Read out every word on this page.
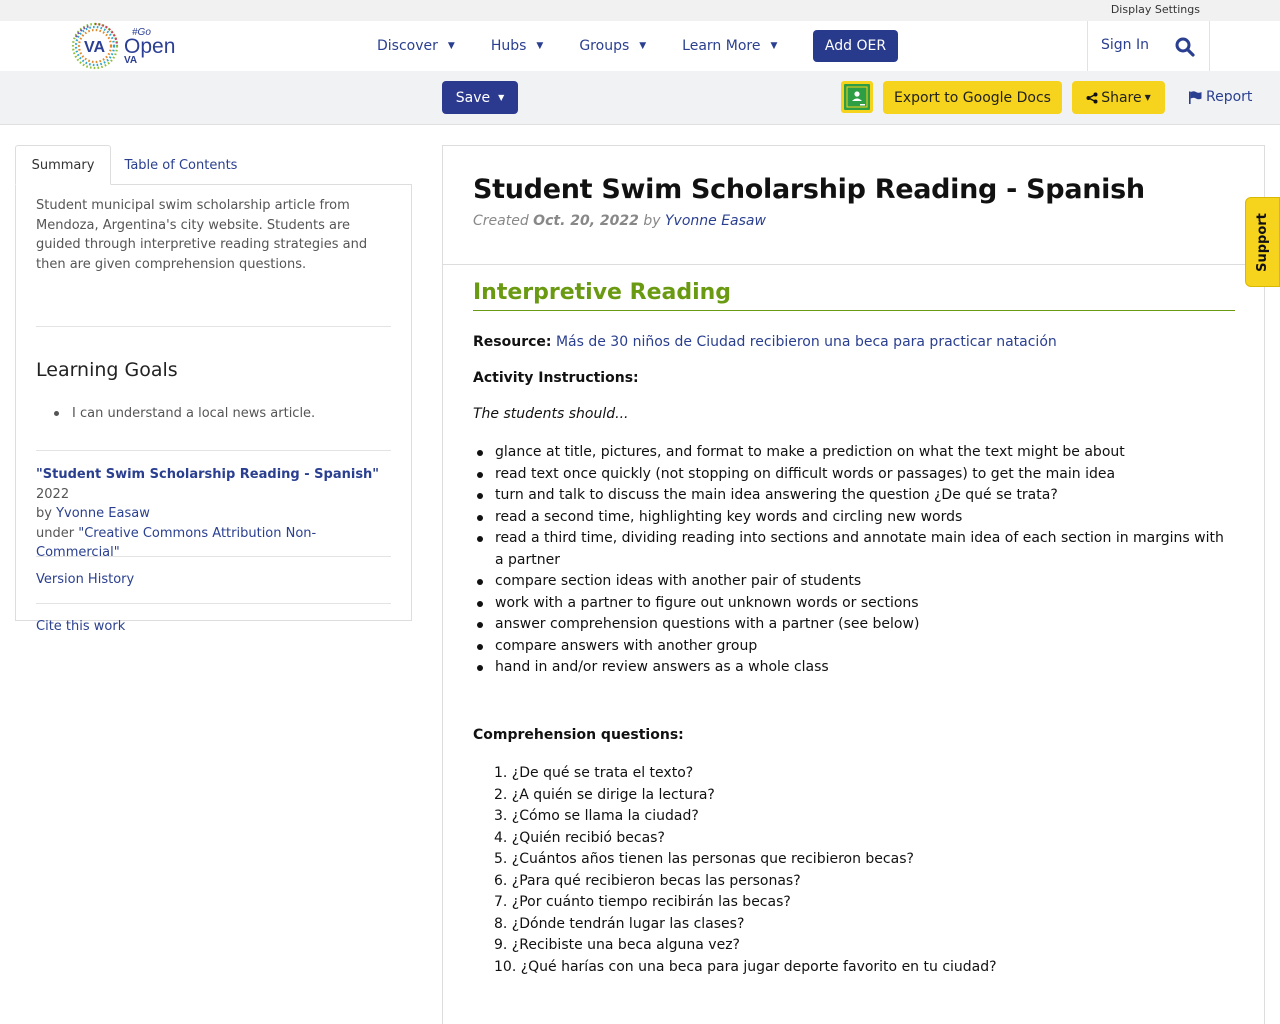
Display Settings
VA
#Go
Open
VA
Discover ▼	Hubs ▼	Groups ▼	Learn More ▼	Add OER	Sign In
Save ▼	Export to Google Docs	Share ▼	Report
Summary	Table of Contents

Student municipal swim scholarship article from Mendoza, Argentina's city website. Students are guided through interpretive reading strategies and then are given comprehension questions.

Learning Goals
I can understand a local news article.
"Student Swim Scholarship Reading - Spanish" 2022
by Yvonne Easaw
under "Creative Commons Attribution Non-Commercial"
Version History
Cite this work
Student Swim Scholarship Reading - Spanish
Created Oct. 20, 2022 by Yvonne Easaw
Interpretive Reading
Resource: Más de 30 niños de Ciudad recibieron una beca para practicar natación
Activity Instructions:
The students should...
glance at title, pictures, and format to make a prediction on what the text might be about
read text once quickly (not stopping on difficult words or passages) to get the main idea
turn and talk to discuss the main idea answering the question ¿De qué se trata?
read a second time, highlighting key words and circling new words
read a third time, dividing reading into sections and annotate main idea of each section in margins with a partner
compare section ideas with another pair of students
work with a partner to figure out unknown words or sections
answer comprehension questions with a partner (see below)
compare answers with another group
hand in and/or review answers as a whole class
Comprehension questions:
1. ¿De qué se trata el texto?
2. ¿A quién se dirige la lectura?
3. ¿Cómo se llama la ciudad?
4. ¿Quién recibió becas?
5. ¿Cuántos años tienen las personas que recibieron becas?
6. ¿Para qué recibieron becas las personas?
7. ¿Por cuánto tiempo recibirán las becas?
8. ¿Dónde tendrán lugar las clases?
9. ¿Recibiste una beca alguna vez?
10. ¿Qué harías con una beca para jugar deporte favorito en tu ciudad?
Support
